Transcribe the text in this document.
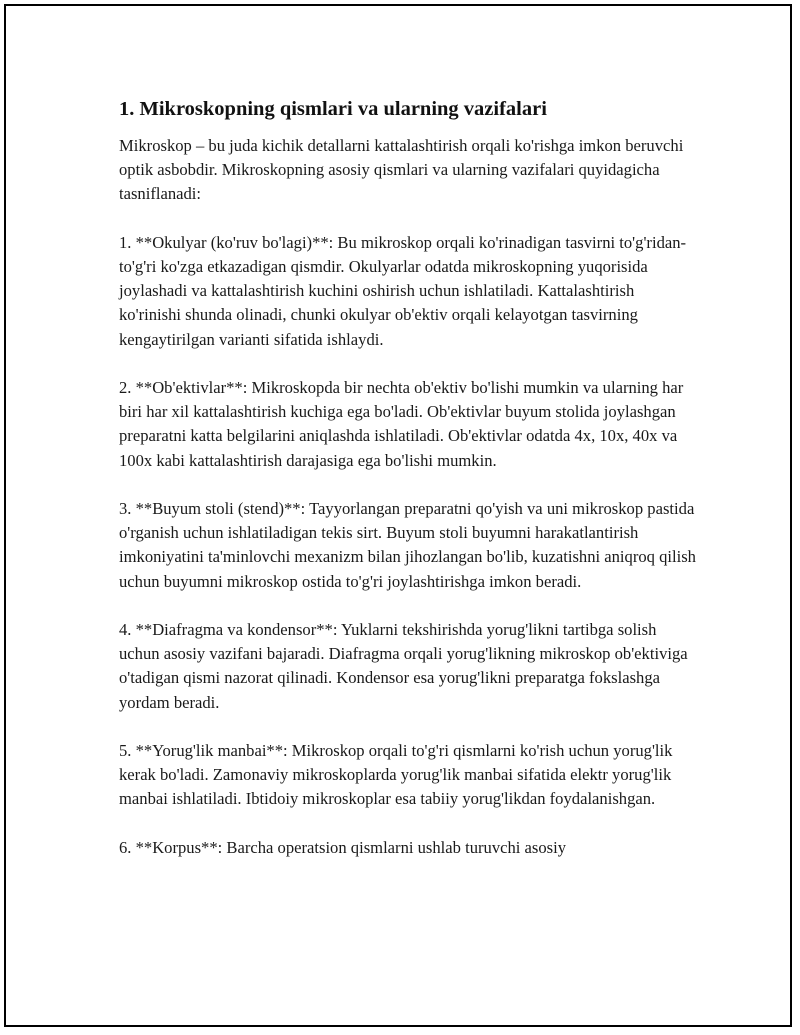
1. Mikroskopning qismlari va ularning vazifalari

Mikroskop – bu juda kichik detallarni kattalashtirish orqali ko'rishga imkon beruvchi optik asbobdir. Mikroskopning asosiy qismlari va ularning vazifalari quyidagicha tasniflanadi:

1. **Okulyar (ko'ruv bo'lagi)**: Bu mikroskop orqali ko'rinadigan tasvirni to'g'ridan-to'g'ri ko'zga etkazadigan qismdir. Okulyarlar odatda mikroskopning yuqorisida joylashadi va kattalashtirish kuchini oshirish uchun ishlatiladi. Kattalashtirish ko'rinishi shunda olinadi, chunki okulyar ob'ektiv orqali kelayotgan tasvirning kengaytirilgan varianti sifatida ishlaydi.

2. **Ob'ektivlar**: Mikroskopda bir nechta ob'ektiv bo'lishi mumkin va ularning har biri har xil kattalashtirish kuchiga ega bo'ladi. Ob'ektivlar buyum stolida joylashgan preparatni katta belgilarini aniqlashda ishlatiladi. Ob'ektivlar odatda 4x, 10x, 40x va 100x kabi kattalashtirish darajasiga ega bo'lishi mumkin.

3. **Buyum stoli (stend)**: Tayyorlangan preparatni qo'yish va uni mikroskop pastida o'rganish uchun ishlatiladigan tekis sirt. Buyum stoli buyumni harakatlantirish imkoniyatini ta'minlovchi mexanizm bilan jihozlangan bo'lib, kuzatishni aniqroq qilish uchun buyumni mikroskop ostida to'g'ri joylashtirishga imkon beradi.

4. **Diafragma va kondensor**: Yuklarni tekshirishda yorug'likni tartibga solish uchun asosiy vazifani bajaradi. Diafragma orqali yorug'likning mikroskop ob'ektiviga o'tadigan qismi nazorat qilinadi. Kondensor esa yorug'likni preparatga fokslashga yordam beradi.

5. **Yorug'lik manbai**: Mikroskop orqali to'g'ri qismlarni ko'rish uchun yorug'lik kerak bo'ladi. Zamonaviy mikroskoplarda yorug'lik manbai sifatida elektr yorug'lik manbai ishlatiladi. Ibtidoiy mikroskoplar esa tabiiy yorug'likdan foydalanishgan.

6. **Korpus**: Barcha operatsion qismlarni ushlab turuvchi asosiy
